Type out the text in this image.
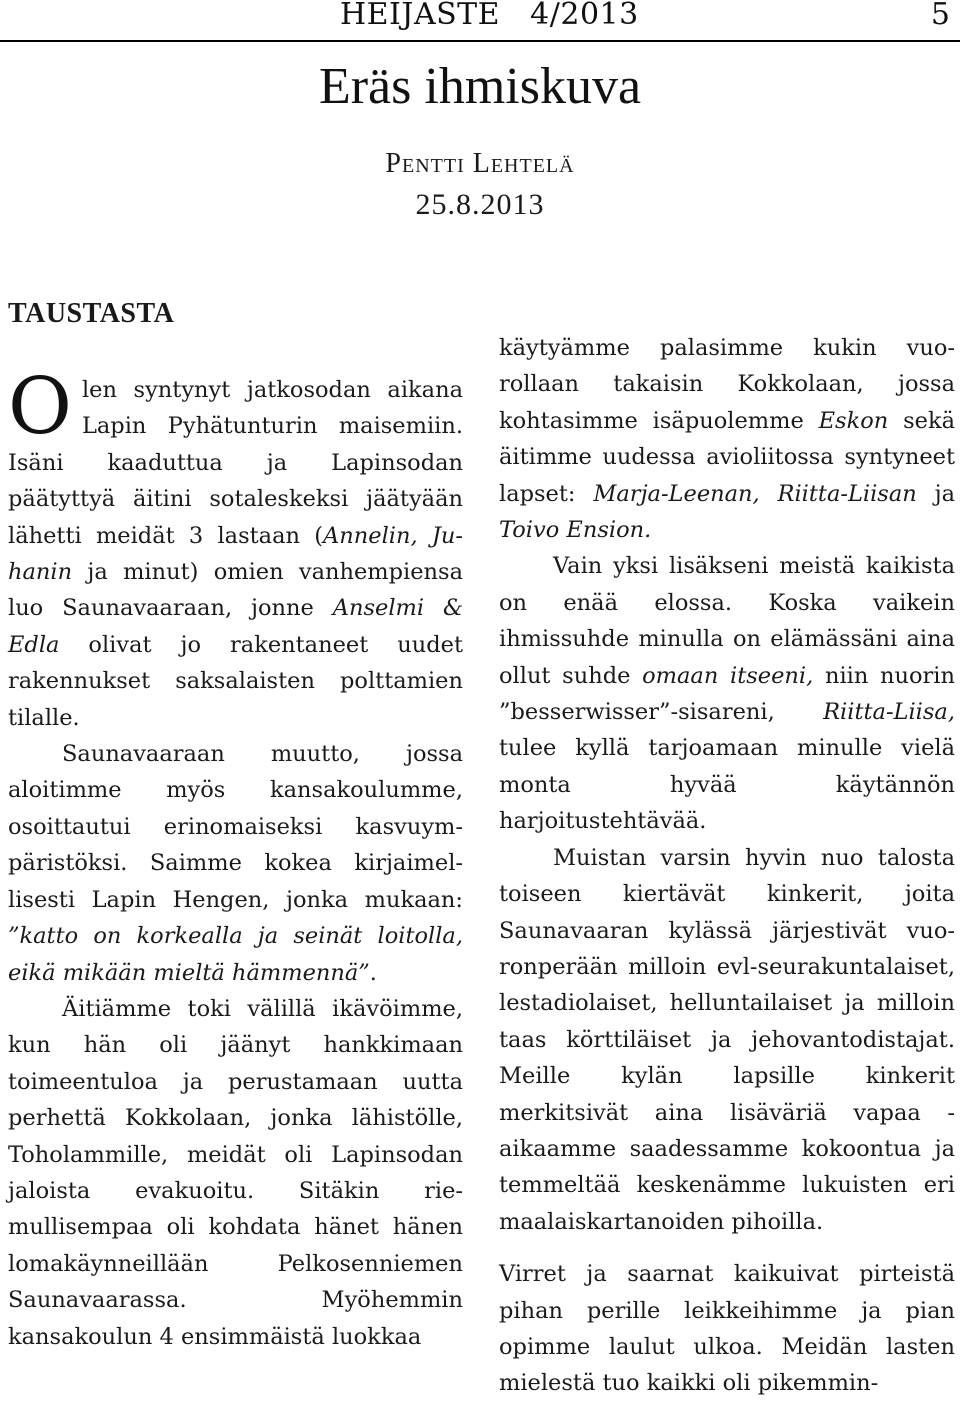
HEIJASTE   4/2013	5
Eräs ihmiskuva
Pentti Lehtelä
25.8.2013
TAUSTASTA

O len syntynyt jatkosodan aikana Lapin Pyhätunturin maisemiin. Isäni kaaduttua ja Lapinsodan päätyttyä äitini sotaleskeksi jäätyään lähetti meidät 3 lastaan (Annelin, Juhanin ja minut) omien vanhempiensa luo Saunavaaraan, jonne Anselmi & Edla olivat jo rakentaneet uudet rakennukset saksalaisten polttamien tilalle.

Saunavaaraan muutto, jossa aloitimme myös kansakoulumme, osoittautui erinomaiseksi kasvuympäristöksi. Saimme kokea kirjaimellisesti Lapin Hengen, jonka mukaan: ”katto on korkealla ja seinät loitolla, eikä mikään mieltä hämmennä”.

Äitiämme toki välillä ikävöimme, kun hän oli jäänyt hankkimaan toimeentuloa ja perustamaan uutta perhettä Kokkolaan, jonka lähistölle, Toholammille, meidät oli Lapinsodan jaloista evakuoitu. Sitäkin riemullisempaa oli kohdata hänet hänen lomakäynneillään Pelkosenniemen Saunavaarassa. Myöhemmin kansakoulun 4 ensimmäistä luokkaa

käytyämme palasimme kukin vuorollaan takaisin Kokkolaan, jossa kohtasimme isäpuolemme Eskon sekä äitimme uudessa avioliitossa syntyneet lapset: Marja-Leenan, Riitta-Liisan ja Toivo Ension.

Vain yksi lisäkseni meistä kaikista on enää elossa. Koska vaikein ihmissuhde minulla on elämässäni aina ollut suhde omaan itseeni, niin nuorin ”besserwisser”-sisareni, Riitta-Liisa, tulee kyllä tarjoamaan minulle vielä monta hyvää käytännön harjoitustehtävää.

Muistan varsin hyvin nuo talosta toiseen kiertävät kinkerit, joita Saunavaaran kylässä järjestivät vuoronperään milloin evl-seurakuntalaiset, lestadiolaiset, helluntailaiset ja milloin taas körttiläiset ja jehovantodistajat. Meille kylän lapsille kinkerit merkitsivät aina lisäväriä vapaa -aikaamme saadessamme kokoontua ja temmeltää keskenämme lukuisten eri maalaiskartanoiden pihoilla.

Virret ja saarnat kaikuivat pirteistä pihan perille leikkeihimme ja pian opimme laulut ulkoa. Meidän lasten mielestä tuo kaikki oli pikemmin-
